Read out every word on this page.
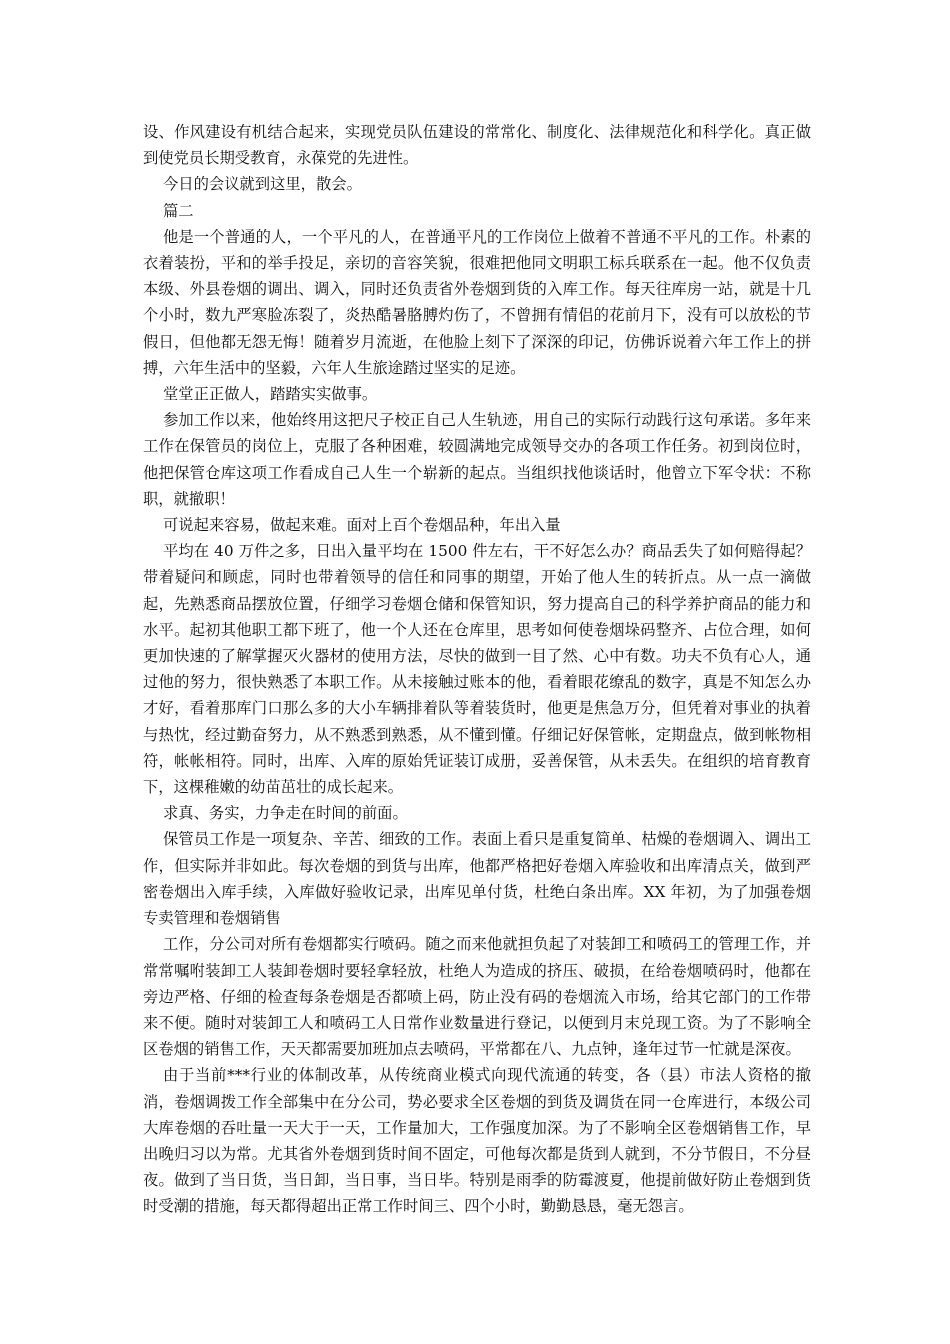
设、作风建设有机结合起来，实现党员队伍建设的常常化、制度化、法律规范化和科学化。真正做到使党员长期受教育，永葆党的先进性。

今日的会议就到这里，散会。

篇二

他是一个普通的人，一个平凡的人，在普通平凡的工作岗位上做着不普通不平凡的工作。朴素的衣着装扮，平和的举手投足，亲切的音容笑貌，很难把他同文明职工标兵联系在一起。他不仅负责本级、外县卷烟的调出、调入，同时还负责省外卷烟到货的入库工作。每天往库房一站，就是十几个小时，数九严寒脸冻裂了，炎热酷暑胳膊灼伤了，不曾拥有情侣的花前月下，没有可以放松的节假日，但他都无怨无悔！随着岁月流逝，在他脸上刻下了深深的印记，仿佛诉说着六年工作上的拼搏，六年生活中的坚毅，六年人生旅途踏过坚实的足迹。

堂堂正正做人，踏踏实实做事。

参加工作以来，他始终用这把尺子校正自己人生轨迹，用自己的实际行动践行这句承诺。多年来工作在保管员的岗位上，克服了各种困难，较圆满地完成领导交办的各项工作任务。初到岗位时，他把保管仓库这项工作看成自己人生一个崭新的起点。当组织找他谈话时，他曾立下军令状：不称职，就撤职！

可说起来容易，做起来难。面对上百个卷烟品种，年出入量

平均在 40 万件之多，日出入量平均在 1500 件左右，干不好怎么办？商品丢失了如何赔得起？带着疑问和顾虑，同时也带着领导的信任和同事的期望，开始了他人生的转折点。从一点一滴做起，先熟悉商品摆放位置，仔细学习卷烟仓储和保管知识，努力提高自己的科学养护商品的能力和水平。起初其他职工都下班了，他一个人还在仓库里，思考如何使卷烟垛码整齐、占位合理，如何更加快速的了解掌握灭火器材的使用方法，尽快的做到一目了然、心中有数。功夫不负有心人，通过他的努力，很快熟悉了本职工作。从未接触过账本的他，看着眼花缭乱的数字，真是不知怎么办才好，看着那库门口那么多的大小车辆排着队等着装货时，他更是焦急万分，但凭着对事业的执着与热忱，经过勤奋努力，从不熟悉到熟悉，从不懂到懂。仔细记好保管帐，定期盘点，做到帐物相符，帐帐相符。同时，出库、入库的原始凭证装订成册，妥善保管，从未丢失。在组织的培育教育下，这棵稚嫩的幼苗茁壮的成长起来。

求真、务实，力争走在时间的前面。

保管员工作是一项复杂、辛苦、细致的工作。表面上看只是重复简单、枯燥的卷烟调入、调出工作，但实际并非如此。每次卷烟的到货与出库，他都严格把好卷烟入库验收和出库清点关，做到严密卷烟出入库手续，入库做好验收记录，出库见单付货，杜绝白条出库。XX 年初，为了加强卷烟专卖管理和卷烟销售

工作，分公司对所有卷烟都实行喷码。随之而来他就担负起了对装卸工和喷码工的管理工作，并常常嘱咐装卸工人装卸卷烟时要轻拿轻放，杜绝人为造成的挤压、破损，在给卷烟喷码时，他都在旁边严格、仔细的检查每条卷烟是否都喷上码，防止没有码的卷烟流入市场，给其它部门的工作带来不便。随时对装卸工人和喷码工人日常作业数量进行登记，以便到月末兑现工资。为了不影响全区卷烟的销售工作，天天都需要加班加点去喷码，平常都在八、九点钟，逢年过节一忙就是深夜。

由于当前***行业的体制改革，从传统商业模式向现代流通的转变，各（县）市法人资格的撤消，卷烟调拨工作全部集中在分公司，势必要求全区卷烟的到货及调货在同一仓库进行，本级公司大库卷烟的吞吐量一天大于一天，工作量加大，工作强度加深。为了不影响全区卷烟销售工作，早出晚归习以为常。尤其省外卷烟到货时间不固定，可他每次都是货到人就到，不分节假日，不分昼夜。做到了当日货，当日卸，当日事，当日毕。特别是雨季的防霉渡夏，他提前做好防止卷烟到货时受潮的措施，每天都得超出正常工作时间三、四个小时，勤勤恳恳，毫无怨言。
